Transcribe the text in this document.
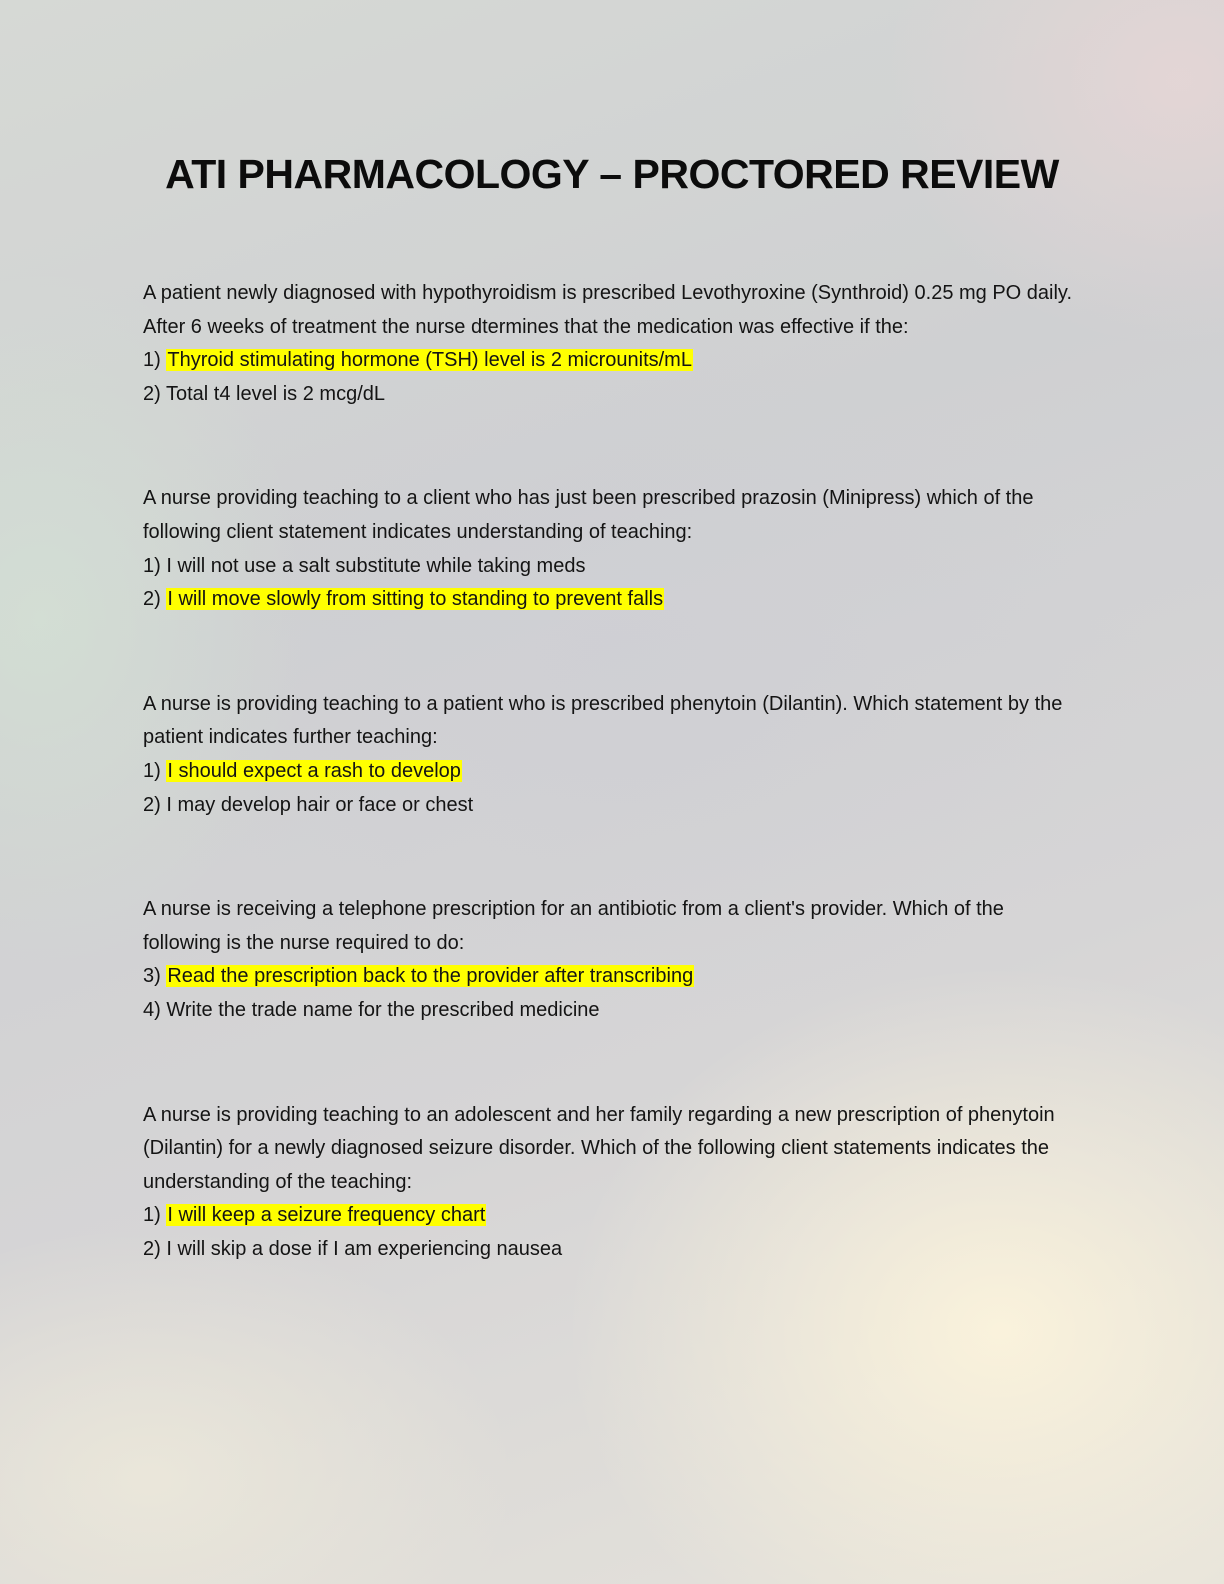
ATI PHARMACOLOGY – PROCTORED REVIEW

A patient newly diagnosed with hypothyroidism is prescribed Levothyroxine (Synthroid) 0.25 mg PO daily. After 6 weeks of treatment the nurse dtermines that the medication was effective if the:

1) Thyroid stimulating hormone (TSH) level is 2 microunits/mL

2) Total t4 level is 2 mcg/dL

A nurse providing teaching to a client who has just been prescribed prazosin (Minipress) which of the following client statement indicates understanding of teaching:

1) I will not use a salt substitute while taking meds

2) I will move slowly from sitting to standing to prevent falls

A nurse is providing teaching to a patient who is prescribed phenytoin (Dilantin). Which statement by the patient indicates further teaching:

1) I should expect a rash to develop

2) I may develop hair or face or chest

A nurse is receiving a telephone prescription for an antibiotic from a client's provider. Which of the following is the nurse required to do:

3) Read the prescription back to the provider after transcribing

4) Write the trade name for the prescribed medicine

A nurse is providing teaching to an adolescent and her family regarding a new prescription of phenytoin (Dilantin) for a newly diagnosed seizure disorder. Which of the following client statements indicates the understanding of the teaching:

1) I will keep a seizure frequency chart

2) I will skip a dose if I am experiencing nausea
